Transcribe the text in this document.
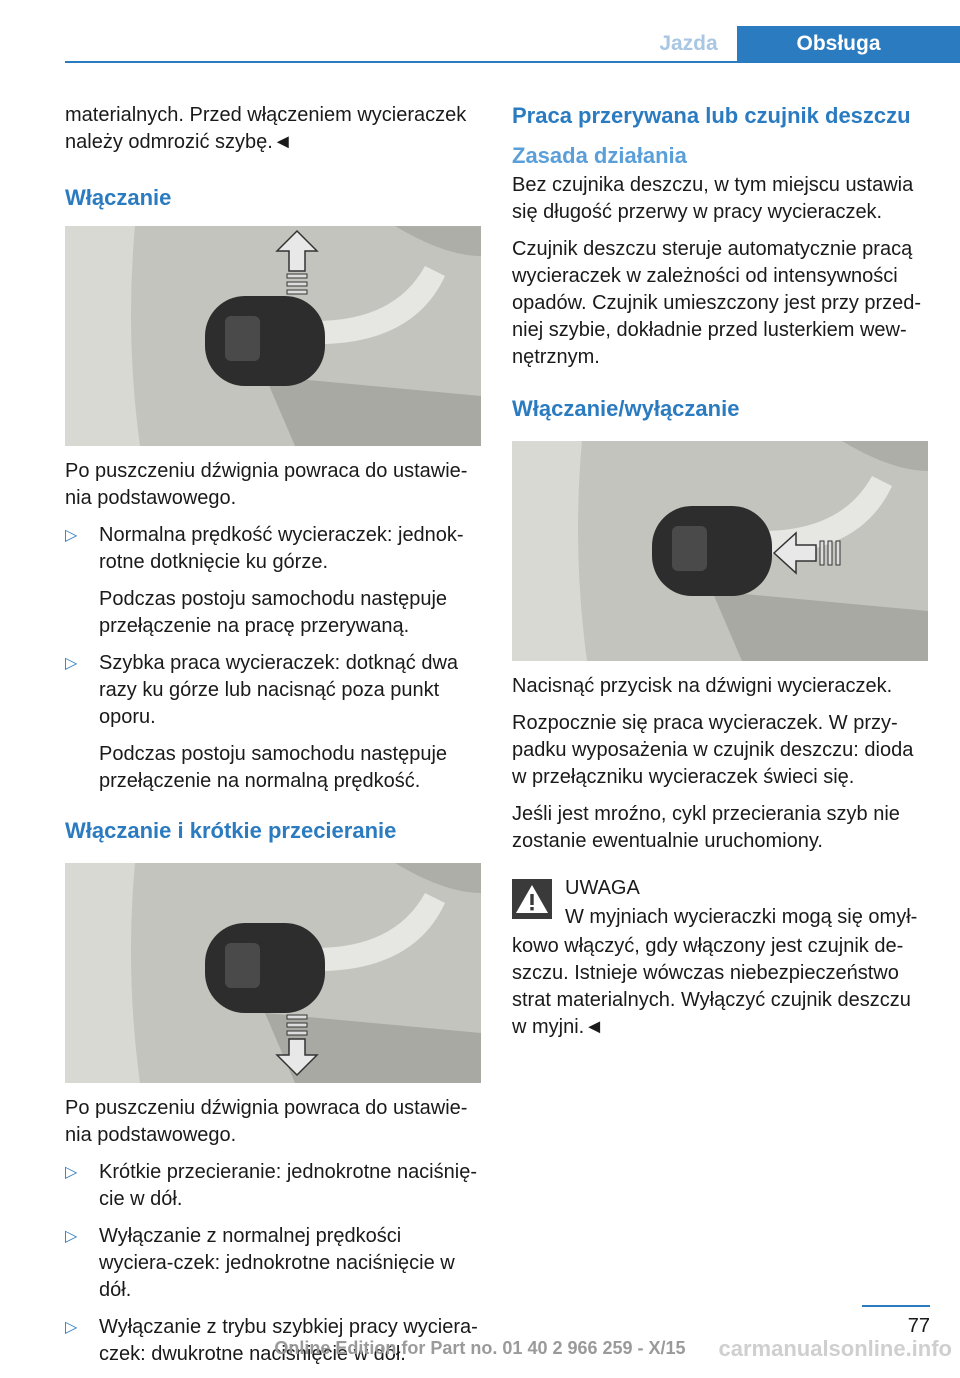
Jazda	Obsługa

materialnych. Przed włączeniem wycieraczek należy odmrozić szybę.◄

Włączanie

Po puszczeniu dźwignia powraca do ustawie‐nia podstawowego.

▷ Normalna prędkość wycieraczek: jednok‐rotne dotknięcie ku górze.

Podczas postoju samochodu następuje przełączenie na pracę przerywaną.

▷ Szybka praca wycieraczek: dotknąć dwa razy ku górze lub nacisnąć poza punkt oporu.

Podczas postoju samochodu następuje przełączenie na normalną prędkość.

Włączanie i krótkie przecieranie

Po puszczeniu dźwignia powraca do ustawie‐nia podstawowego.

▷ Krótkie przecieranie: jednokrotne naciśnię‐cie w dół.

▷ Wyłączanie z normalnej prędkości wyciera‐czek: jednokrotne naciśnięcie w dół.

▷ Wyłączanie z trybu szybkiej pracy wyciera‐czek: dwukrotne naciśnięcie w dół.

Praca przerywana lub czujnik deszczu
Zasada działania

Bez czujnika deszczu, w tym miejscu ustawia się długość przerwy w pracy wycieraczek.

Czujnik deszczu steruje automatycznie pracą wycieraczek w zależności od intensywności opadów. Czujnik umieszczony jest przy przed‐niej szybie, dokładnie przed lusterkiem wew‐nętrznym.

Włączanie/wyłączanie

Nacisnąć przycisk na dźwigni wycieraczek.

Rozpocznie się praca wycieraczek. W przy‐padku wyposażenia w czujnik deszczu: dioda w przełączniku wycieraczek świeci się.

Jeśli jest mroźno, cykl przecierania szyb nie zostanie ewentualnie uruchomiony.

UWAGA

W myjniach wycieraczki mogą się omył‐

kowo włączyć, gdy włączony jest czujnik de‐szczu. Istnieje wówczas niebezpieczeństwo strat materialnych. Wyłączyć czujnik deszczu w myjni.◄

77
Online Edition for Part no. 01 40 2 966 259 - X/15	carmanualsonline.info
